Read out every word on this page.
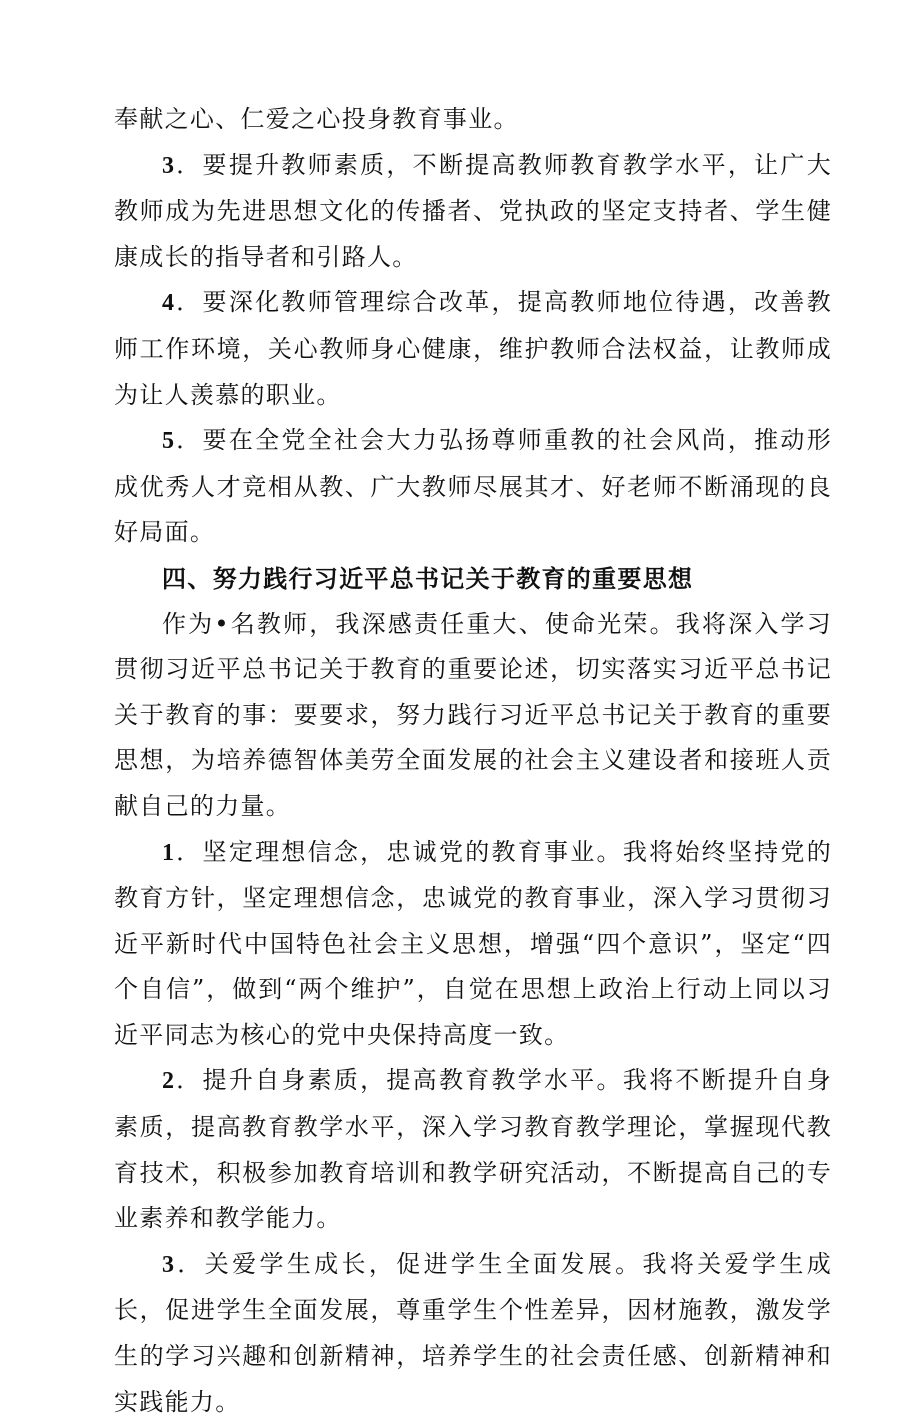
奉献之心、仁爱之心投身教育事业。

3．要提升教师素质，不断提高教师教育教学水平，让广大教师成为先进思想文化的传播者、党执政的坚定支持者、学生健康成长的指导者和引路人。

4．要深化教师管理综合改革，提高教师地位待遇，改善教师工作环境，关心教师身心健康，维护教师合法权益，让教师成为让人羡慕的职业。

5．要在全党全社会大力弘扬尊师重教的社会风尚，推动形成优秀人才竞相从教、广大教师尽展其才、好老师不断涌现的良好局面。

四、努力践行习近平总书记关于教育的重要思想

作为•名教师，我深感责任重大、使命光荣。我将深入学习贯彻习近平总书记关于教育的重要论述，切实落实习近平总书记关于教育的事：要要求，努力践行习近平总书记关于教育的重要思想，为培养德智体美劳全面发展的社会主义建设者和接班人贡献自己的力量。

1．坚定理想信念，忠诚党的教育事业。我将始终坚持党的教育方针，坚定理想信念，忠诚党的教育事业，深入学习贯彻习近平新时代中国特色社会主义思想，增强“四个意识”，坚定“四个自信”，做到“两个维护”，自觉在思想上政治上行动上同以习近平同志为核心的党中央保持高度一致。

2．提升自身素质，提高教育教学水平。我将不断提升自身素质，提高教育教学水平，深入学习教育教学理论，掌握现代教育技术，积极参加教育培训和教学研究活动，不断提高自己的专业素养和教学能力。

3．关爱学生成长，促进学生全面发展。我将关爱学生成长，促进学生全面发展，尊重学生个性差异，因材施教，激发学生的学习兴趣和创新精神，培养学生的社会责任感、创新精神和实践能力。
